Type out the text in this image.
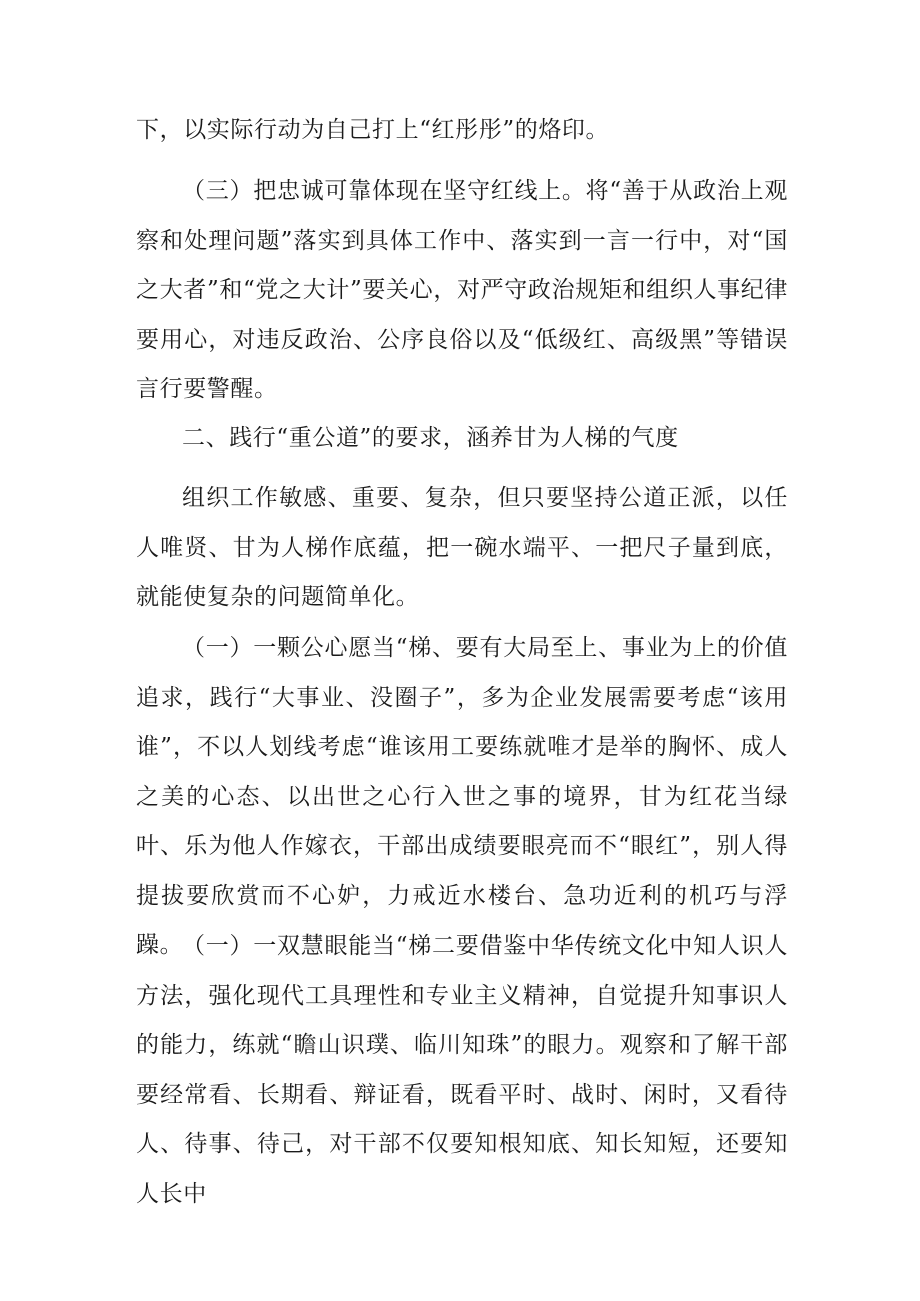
下，以实际行动为自己打上“红彤彤”的烙印。

（三）把忠诚可靠体现在坚守红线上。将“善于从政治上观察和处理问题”落实到具体工作中、落实到一言一行中，对“国之大者”和“党之大计”要关心，对严守政治规矩和组织人事纪律要用心，对违反政治、公序良俗以及“低级红、高级黑”等错误言行要警醒。

二、践行“重公道”的要求，涵养甘为人梯的气度

组织工作敏感、重要、复杂，但只要坚持公道正派，以任人唯贤、甘为人梯作底蕴，把一碗水端平、一把尺子量到底，就能使复杂的问题简单化。

（一）一颗公心愿当“梯、要有大局至上、事业为上的价值追求，践行“大事业、没圈子”，多为企业发展需要考虑“该用谁”，不以人划线考虑“谁该用工要练就唯才是举的胸怀、成人之美的心态、以出世之心行入世之事的境界，甘为红花当绿叶、乐为他人作嫁衣，干部出成绩要眼亮而不“眼红”，别人得提拔要欣赏而不心妒，力戒近水楼台、急功近利的机巧与浮躁。

（一）一双慧眼能当“梯二要借鉴中华传统文化中知人识人方法，强化现代工具理性和专业主义精神，自觉提升知事识人的能力，练就“瞻山识璞、临川知珠”的眼力。观察和了解干部要经常看、长期看、辩证看，既看平时、战时、闲时，又看待人、待事、待己，对干部不仅要知根知底、知长知短，还要知人长中
